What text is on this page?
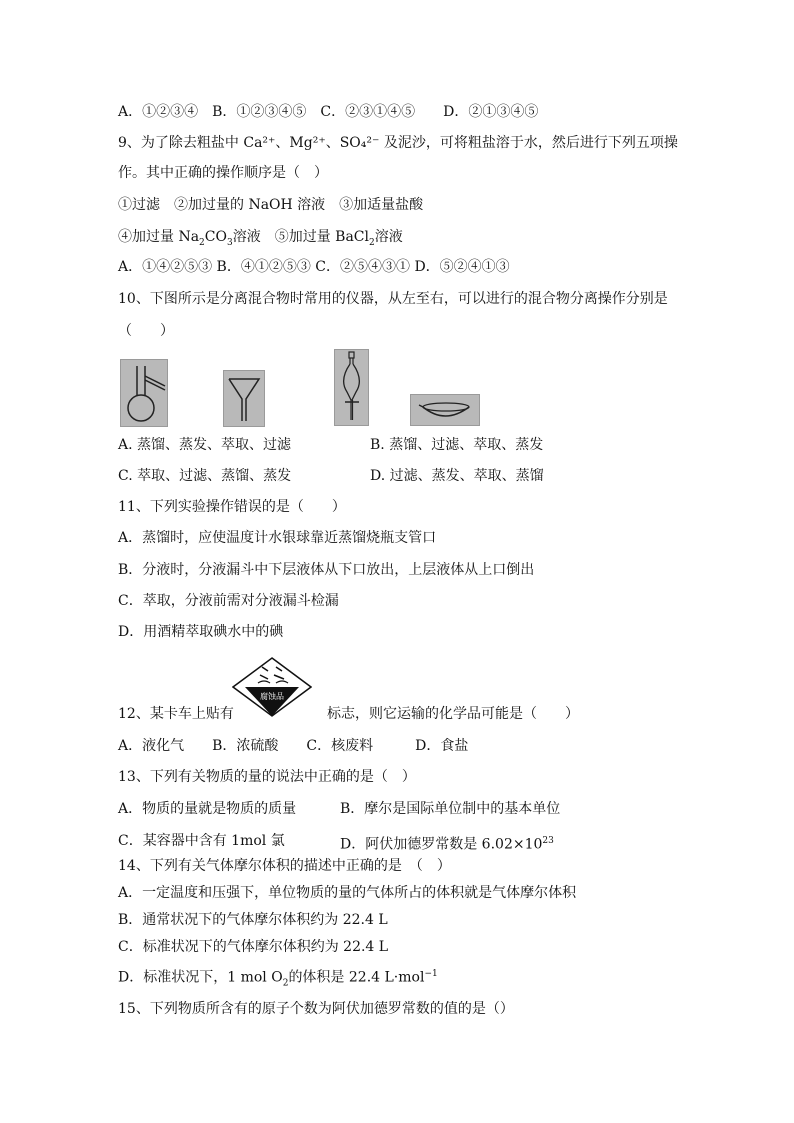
A．①②③④　B．①②③④⑤　C．②③①④⑤　　D．②①③④⑤
9、为了除去粗盐中 Ca²⁺、Mg²⁺、SO₄²⁻ 及泥沙，可将粗盐溶于水，然后进行下列五项操
作。其中正确的操作顺序是（　）
①过滤　②加过量的 NaOH 溶液　③加适量盐酸
④加过量 $Na_2CO_3$溶液　⑤加过量 BaCl$_2$溶液
A．①④②⑤③ B．④①②⑤③ C．②⑤④③① D．⑤②④①③
10、下图所示是分离混合物时常用的仪器，从左至右，可以进行的混合物分离操作分别是
（　　）
A. 蒸馏、蒸发、萃取、过滤	B. 蒸馏、过滤、萃取、蒸发
C. 萃取、过滤、蒸馏、蒸发	D. 过滤、蒸发、萃取、蒸馏
11、下列实验操作错误的是（　　）
A．蒸馏时，应使温度计水银球靠近蒸馏烧瓶支管口
B．分液时，分液漏斗中下层液体从下口放出，上层液体从上口倒出
C．萃取，分液前需对分液漏斗检漏
D．用酒精萃取碘水中的碘
腐蚀品
12、某卡车上贴有	标志，则它运输的化学品可能是（　　）
A．液化气　　B．浓硫酸　　C．核废料　　　D．食盐
13、下列有关物质的量的说法中正确的是（　）
A．物质的量就是物质的质量	B．摩尔是国际单位制中的基本单位
C．某容器中含有 1mol 氯	D．阿伏加德罗常数是 $6.02\times 10^{23}$
14、下列有关气体摩尔体积的描述中正确的是　（　）
A．一定温度和压强下，单位物质的量的气体所占的体积就是气体摩尔体积
B．通常状况下的气体摩尔体积约为 22.4 L
C．标准状况下的气体摩尔体积约为 22.4 L
D．标准状况下，1 mol $O_2$的体积是 22.4 L·mol$^{-1}$
15、下列物质所含有的原子个数为阿伏加德罗常数的值的是（）
